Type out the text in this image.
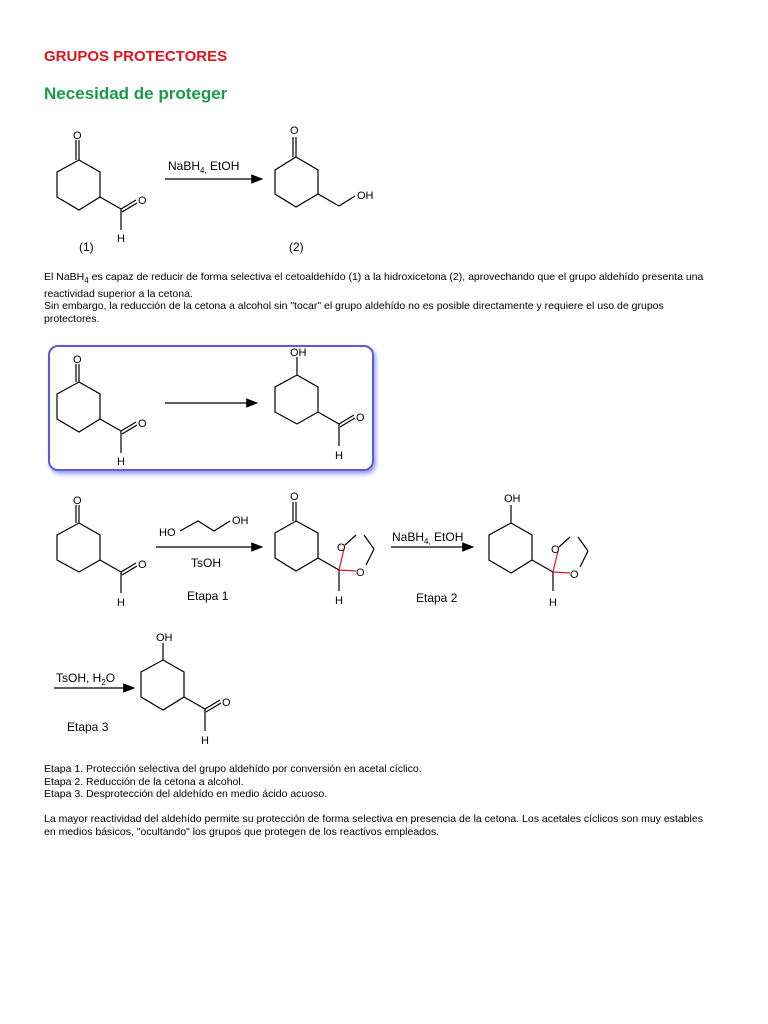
GRUPOS PROTECTORES
Necesidad de proteger
O
O
H
(1)
NaBH$_{4,}$ EtOH
O
OH
(2)
El NaBH$_4$ es capaz de reducir de forma selectiva el cetoaldehído (1) a la hidroxicetona (2), aprovechando que el grupo aldehído presenta una
reactividad superior a la cetona.
Sin embargo, la reducción de la cetona a alcohol sin "tocar" el grupo aldehído no es posible directamente y requiere el uso de grupos
protectores.
O
O
H
OH
O
H
O
O
H
HO
OH
TsOH
Etapa 1
O
O
O
H
NaBH$_{4,}$ EtOH
Etapa 2
OH
O
O
H
TsOH, $H_2O$
Etapa 3
OH
O
H
Etapa 1. Protección selectiva del grupo aldehído por conversión en acetal cíclico.
Etapa 2. Reducción de la cetona a alcohol.
Etapa 3. Desprotección del aldehído en medio ácido acuoso.
La mayor reactividad del aldehído permite su protección de forma selectiva en presencia de la cetona. Los acetales cíclicos son muy estables
en medios básicos, "ocultando" los grupos que protegen de los reactivos empleados.
